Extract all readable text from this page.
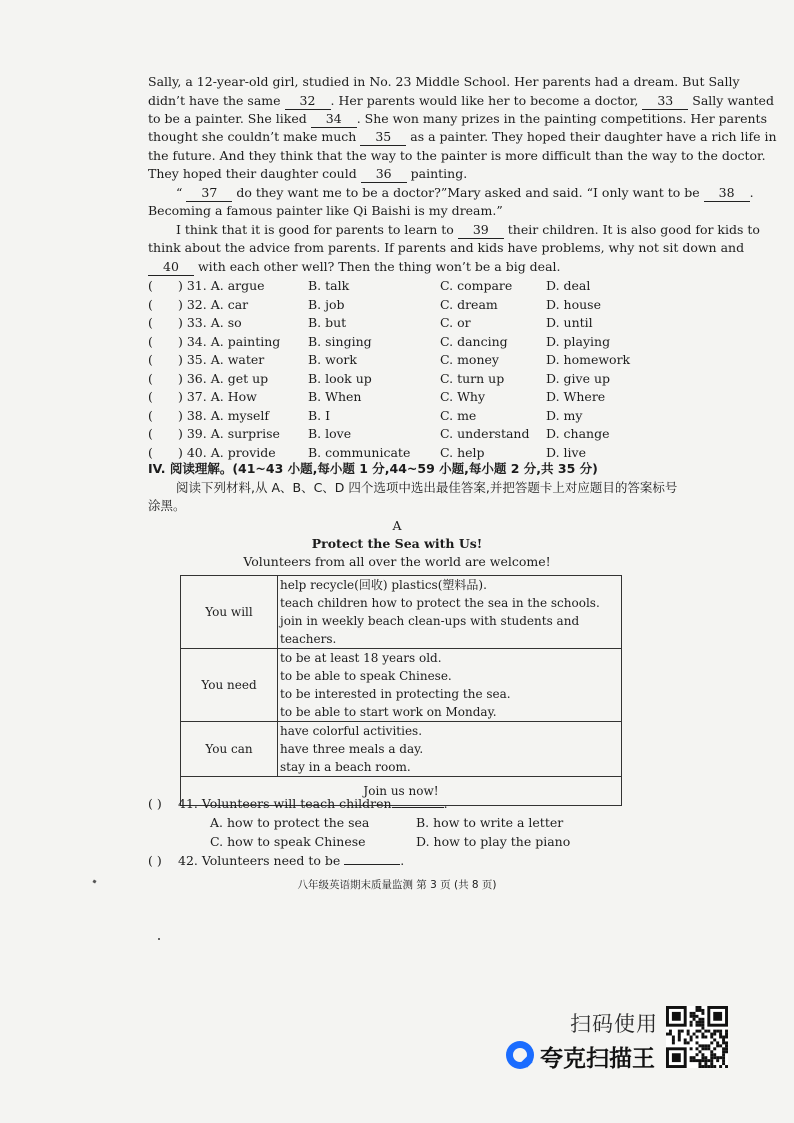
Sally, a 12-year-old girl, studied in No. 23 Middle School. Her parents had a dream. But Sally
didn’t have the same 32 . Her parents would like her to become a doctor, 33 Sally wanted
to be a painter. She liked 34 . She won many prizes in the painting competitions. Her parents
thought she couldn’t make much 35 as a painter. They hoped their daughter have a rich life in
the future. And they think that the way to the painter is more difficult than the way to the doctor.
They hoped their daughter could 36 painting.
“ 37 do they want me to be a doctor?”Mary asked and said. “I only want to be 38 .
Becoming a famous painter like Qi Baishi is my dream.”
I think that it is good for parents to learn to 39 their children. It is also good for kids to
think about the advice from parents. If parents and kids have problems, why not sit down and
40 with each other well? Then the thing won’t be a big deal.
( ) 31. A. argue	B. talk	C. compare	D. deal
( ) 32. A. car	B. job	C. dream	D. house
( ) 33. A. so	B. but	C. or	D. until
( ) 34. A. painting B. singing	C. dancing	D. playing
( ) 35. A. water	B. work	C. money	D. homework
( ) 36. A. get up	B. look up	C. turn up	D. give up
( ) 37. A. How	B. When	C. Why	D. Where
( ) 38. A. myself	B. I	C. me	D. my
( ) 39. A. surprise B. love	C. understand D. change
( ) 40. A. provide	B. communicate C. help	D. live
IV. 阅读理解。(41~43 小题,每小题 1 分,44~59 小题,每小题 2 分,共 35 分)
阅读下列材料,从 A、B、C、D 四个选项中选出最佳答案,并把答题卡上对应题目的答案标号
涂黑。
A
Protect the Sea with Us!
Volunteers from all over the world are welcome!
You will	help recycle(回收) plastics(塑料品).
teach children how to protect the sea in the schools.
join in weekly beach clean-ups with students and teachers.

You need	to be at least 18 years old.
to be able to speak Chinese.
to be interested in protecting the sea.
to be able to start work on Monday.

You can	have colorful activities.
have three meals a day.
stay in a beach room.

Join us now!	
( ) 41. Volunteers will teach children	.
A. how to protect the sea	B. how to write a letter
C. how to speak Chinese	D. how to play the piano
( ) 42. Volunteers need to be	.
八年级英语期末质量监测 第 3 页 (共 8 页)
扫码使用
夸克扫描王
